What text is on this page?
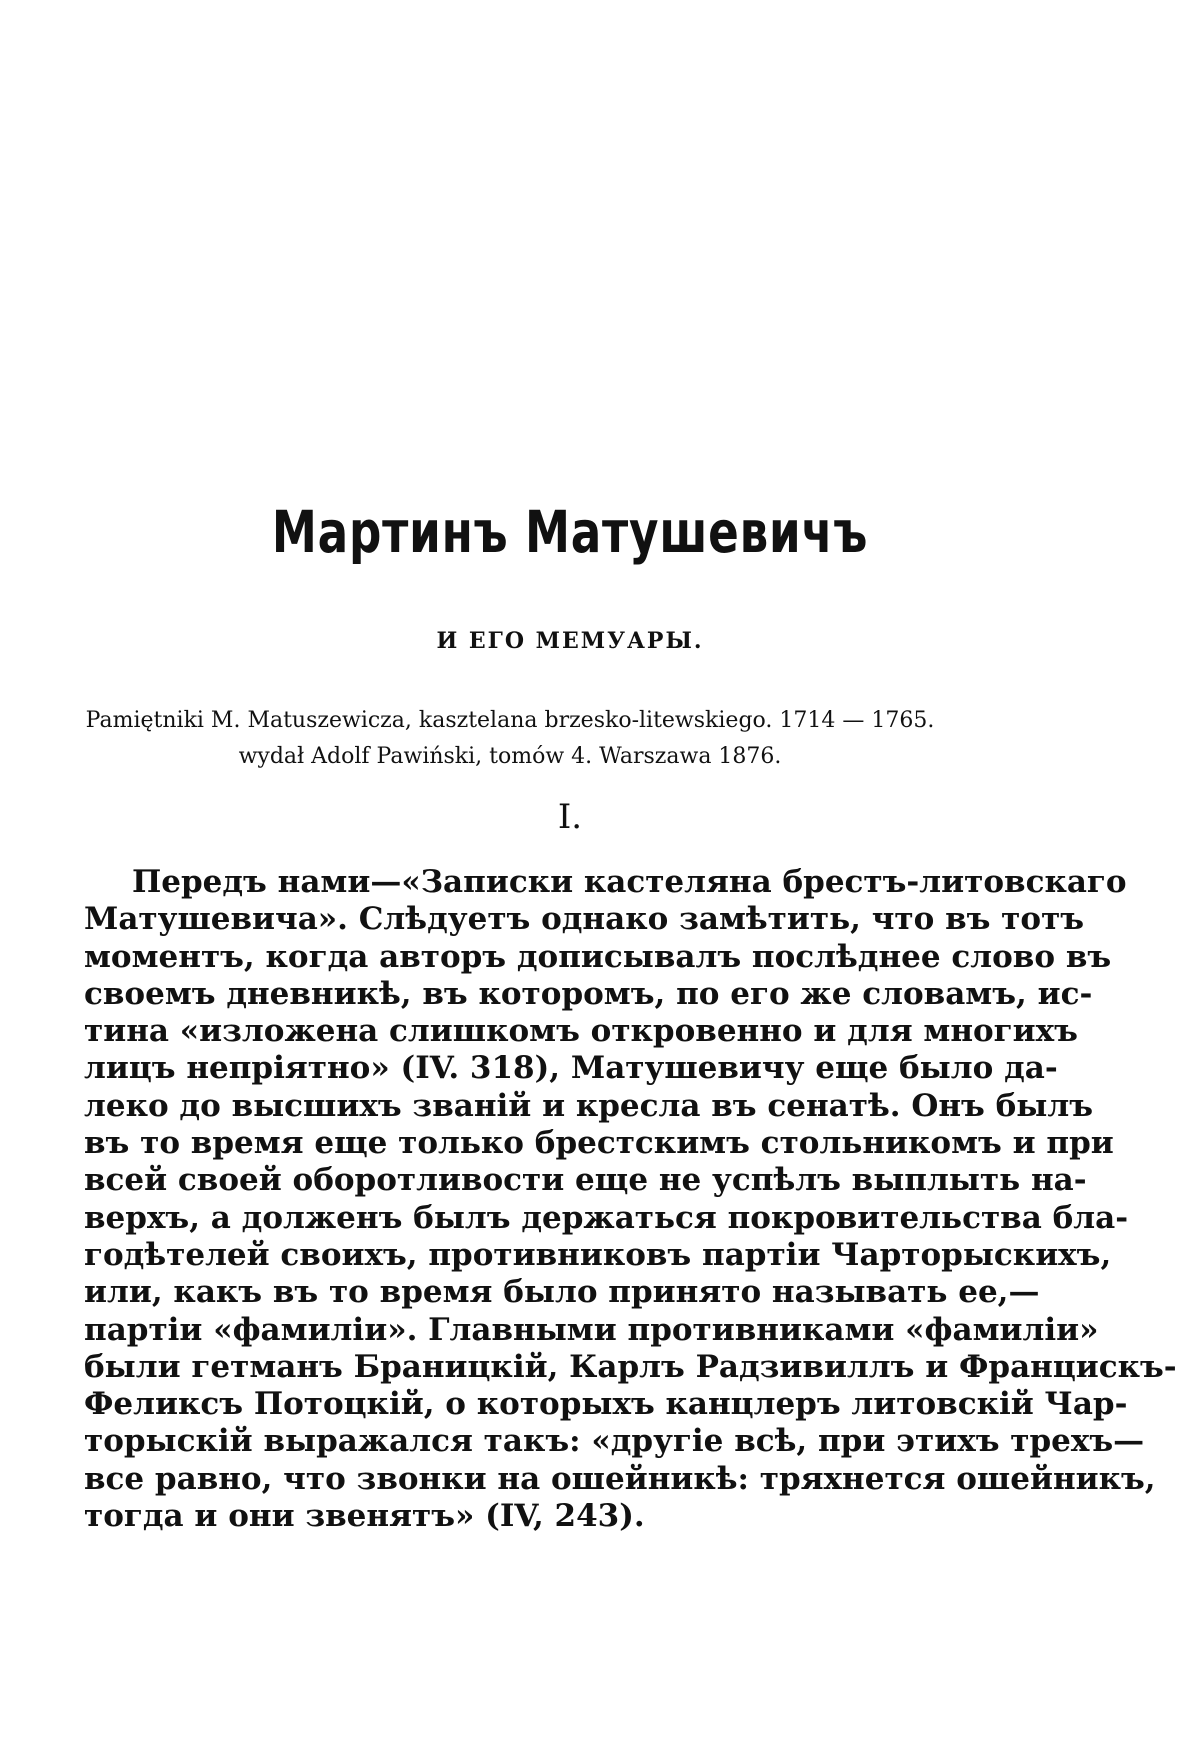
Мартинъ Матушевичъ
И ЕГО МЕМУАРЫ.
Pamiętniki M. Matuszewicza, kasztelana brzesko-litewskiego. 1714 — 1765.
wydał Adolf Pawiński, tomów 4. Warszawa 1876.
I.
Передъ нами—«Записки кастеляна брестъ-литовскаго
Матушевича». Слѣдуетъ однако замѣтить, что въ тотъ
моментъ, когда авторъ дописывалъ послѣднее слово въ
своемъ дневникѣ, въ которомъ, по его же словамъ, ис-
тина «изложена слишкомъ откровенно и для многихъ
лицъ непріятно» (IV. 318), Матушевичу еще было да-
леко до высшихъ званій и кресла въ сенатѣ. Онъ былъ
въ то время еще только брестскимъ стольникомъ и при
всей своей оборотливости еще не успѣлъ выплыть на-
верхъ, а долженъ былъ держаться покровительства бла-
годѣтелей своихъ, противниковъ партіи Чарторыскихъ,
или, какъ въ то время было принято называть ее,—
партіи «фамиліи». Главными противниками «фамиліи»
были гетманъ Браницкій, Карлъ Радзивиллъ и Францискъ-
Феликсъ Потоцкій, о которыхъ канцлеръ литовскій Чар-
торыскій выражался такъ: «другіе всѣ, при этихъ трехъ—
все равно, что звонки на ошейникѣ: тряхнется ошейникъ,
тогда и они звенятъ» (IV, 243).
